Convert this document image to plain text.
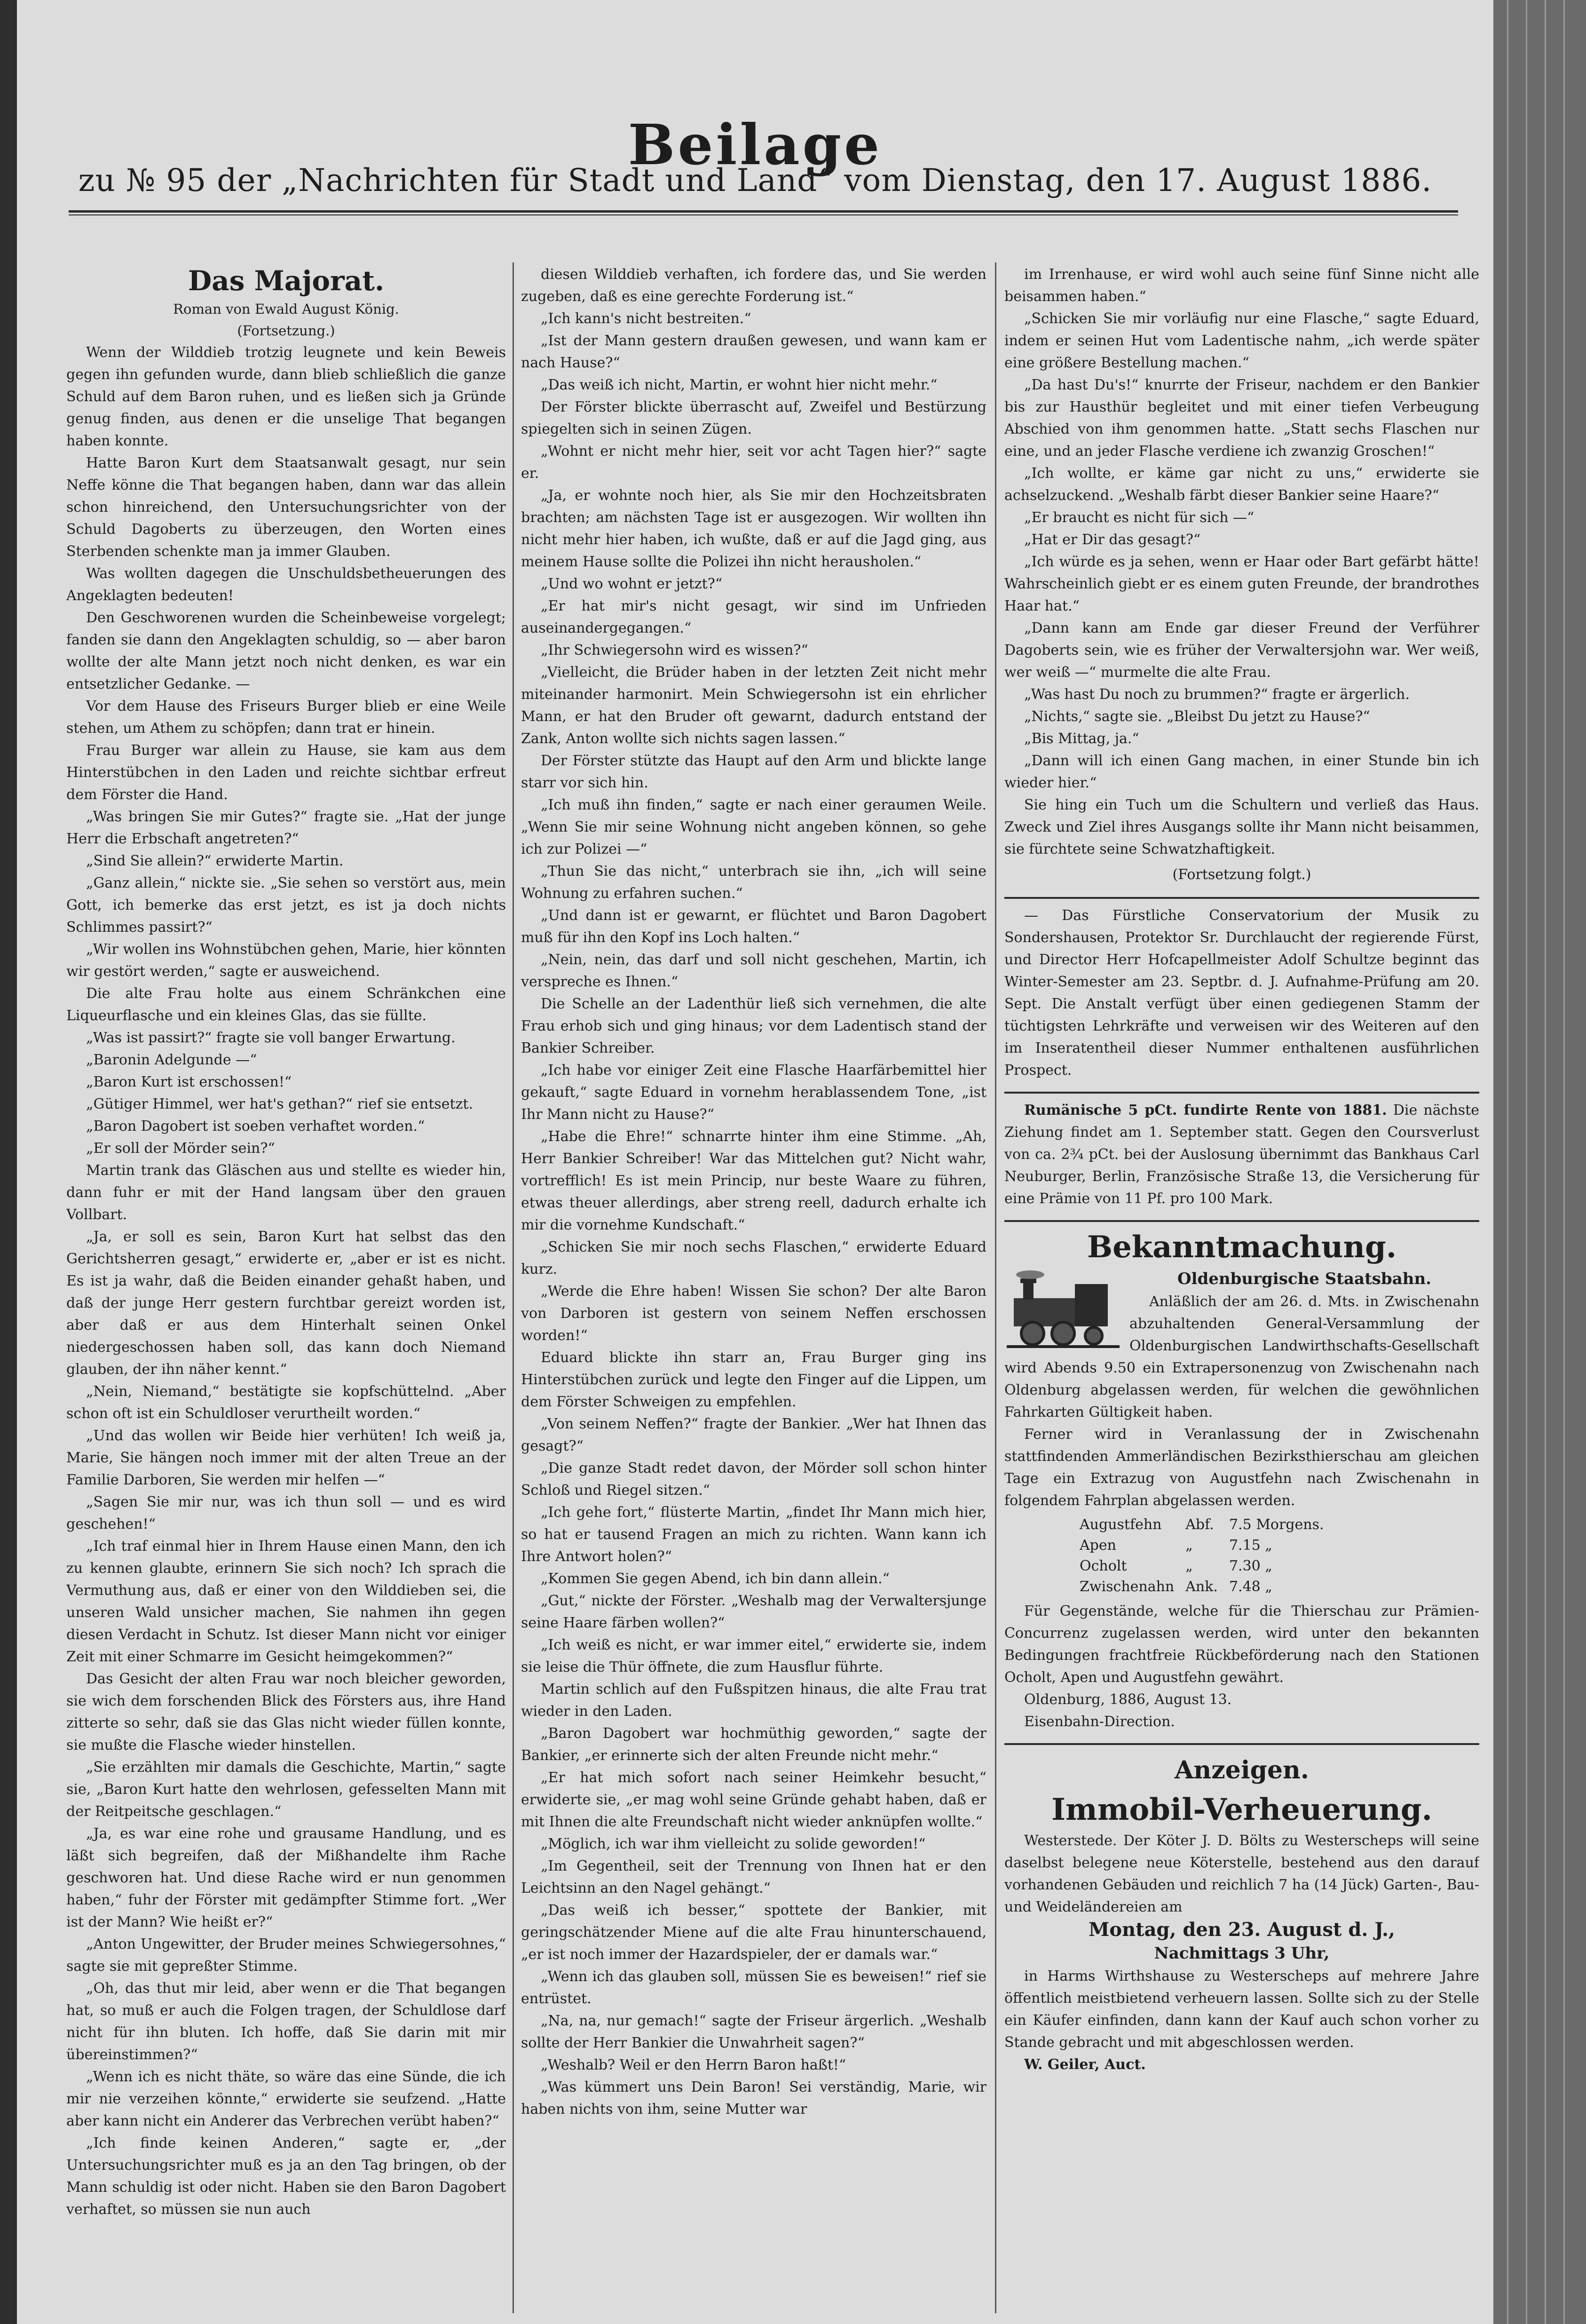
Beilage
zu № 95 der „Nachrichten für Stadt und Land“ vom Dienstag, den 17. August 1886.
Das Majorat.
Roman von Ewald August König.
(Fortsetzung.)

Wenn der Wilddieb trotzig leugnete und kein Beweis gegen ihn gefunden wurde, dann blieb schließlich die ganze Schuld auf dem Baron ruhen, und es ließen sich ja Gründe genug finden, aus denen er die unselige That begangen haben konnte.

Hatte Baron Kurt dem Staatsanwalt gesagt, nur sein Neffe könne die That begangen haben, dann war das allein schon hinreichend, den Untersuchungsrichter von der Schuld Dagoberts zu überzeugen, den Worten eines Sterbenden schenkte man ja immer Glauben.

Was wollten dagegen die Unschuldsbetheuerungen des Angeklagten bedeuten!

Den Geschworenen wurden die Scheinbeweise vorgelegt; fanden sie dann den Angeklagten schuldig, so — aber baron wollte der alte Mann jetzt noch nicht denken, es war ein entsetzlicher Gedanke. —

Vor dem Hause des Friseurs Burger blieb er eine Weile stehen, um Athem zu schöpfen; dann trat er hinein.

Frau Burger war allein zu Hause, sie kam aus dem Hinterstübchen in den Laden und reichte sichtbar erfreut dem Förster die Hand.

„Was bringen Sie mir Gutes?“ fragte sie. „Hat der junge Herr die Erbschaft angetreten?“

„Sind Sie allein?“ erwiderte Martin.

„Ganz allein,“ nickte sie. „Sie sehen so verstört aus, mein Gott, ich bemerke das erst jetzt, es ist ja doch nichts Schlimmes passirt?“

„Wir wollen ins Wohnstübchen gehen, Marie, hier könnten wir gestört werden,“ sagte er ausweichend.

Die alte Frau holte aus einem Schränkchen eine Liqueurflasche und ein kleines Glas, das sie füllte.

„Was ist passirt?“ fragte sie voll banger Erwartung.

„Baronin Adelgunde —“

„Baron Kurt ist erschossen!“

„Gütiger Himmel, wer hat's gethan?“ rief sie entsetzt.

„Baron Dagobert ist soeben verhaftet worden.“

„Er soll der Mörder sein?“

Martin trank das Gläschen aus und stellte es wieder hin, dann fuhr er mit der Hand langsam über den grauen Vollbart.

„Ja, er soll es sein, Baron Kurt hat selbst das den Gerichtsherren gesagt,“ erwiderte er, „aber er ist es nicht. Es ist ja wahr, daß die Beiden einander gehaßt haben, und daß der junge Herr gestern furchtbar gereizt worden ist, aber daß er aus dem Hinterhalt seinen Onkel niedergeschossen haben soll, das kann doch Niemand glauben, der ihn näher kennt.“

„Nein, Niemand,“ bestätigte sie kopfschüttelnd. „Aber schon oft ist ein Schuldloser verurtheilt worden.“

„Und das wollen wir Beide hier verhüten! Ich weiß ja, Marie, Sie hängen noch immer mit der alten Treue an der Familie Darboren, Sie werden mir helfen —“

„Sagen Sie mir nur, was ich thun soll — und es wird geschehen!“

„Ich traf einmal hier in Ihrem Hause einen Mann, den ich zu kennen glaubte, erinnern Sie sich noch? Ich sprach die Vermuthung aus, daß er einer von den Wilddieben sei, die unseren Wald unsicher machen, Sie nahmen ihn gegen diesen Verdacht in Schutz. Ist dieser Mann nicht vor einiger Zeit mit einer Schmarre im Gesicht heimgekommen?“

Das Gesicht der alten Frau war noch bleicher geworden, sie wich dem forschenden Blick des Försters aus, ihre Hand zitterte so sehr, daß sie das Glas nicht wieder füllen konnte, sie mußte die Flasche wieder hinstellen.

„Sie erzählten mir damals die Geschichte, Martin,“ sagte sie, „Baron Kurt hatte den wehrlosen, gefesselten Mann mit der Reitpeitsche geschlagen.“

„Ja, es war eine rohe und grausame Handlung, und es läßt sich begreifen, daß der Mißhandelte ihm Rache geschworen hat. Und diese Rache wird er nun genommen haben,“ fuhr der Förster mit gedämpfter Stimme fort. „Wer ist der Mann? Wie heißt er?“

„Anton Ungewitter, der Bruder meines Schwiegersohnes,“ sagte sie mit gepreßter Stimme.

„Oh, das thut mir leid, aber wenn er die That begangen hat, so muß er auch die Folgen tragen, der Schuldlose darf nicht für ihn bluten. Ich hoffe, daß Sie darin mit mir übereinstimmen?“

„Wenn ich es nicht thäte, so wäre das eine Sünde, die ich mir nie verzeihen könnte,“ erwiderte sie seufzend. „Hatte aber kann nicht ein Anderer das Verbrechen verübt haben?“

„Ich finde keinen Anderen,“ sagte er, „der Untersuchungsrichter muß es ja an den Tag bringen, ob der Mann schuldig ist oder nicht. Haben sie den Baron Dagobert verhaftet, so müssen sie nun auch

diesen Wilddieb verhaften, ich fordere das, und Sie werden zugeben, daß es eine gerechte Forderung ist.“

„Ich kann's nicht bestreiten.“

„Ist der Mann gestern draußen gewesen, und wann kam er nach Hause?“

„Das weiß ich nicht, Martin, er wohnt hier nicht mehr.“

Der Förster blickte überrascht auf, Zweifel und Bestürzung spiegelten sich in seinen Zügen.

„Wohnt er nicht mehr hier, seit vor acht Tagen hier?“ sagte er.

„Ja, er wohnte noch hier, als Sie mir den Hochzeitsbraten brachten; am nächsten Tage ist er ausgezogen. Wir wollten ihn nicht mehr hier haben, ich wußte, daß er auf die Jagd ging, aus meinem Hause sollte die Polizei ihn nicht herausholen.“

„Und wo wohnt er jetzt?“

„Er hat mir's nicht gesagt, wir sind im Unfrieden auseinandergegangen.“

„Ihr Schwiegersohn wird es wissen?“

„Vielleicht, die Brüder haben in der letzten Zeit nicht mehr miteinander harmonirt. Mein Schwiegersohn ist ein ehrlicher Mann, er hat den Bruder oft gewarnt, dadurch entstand der Zank, Anton wollte sich nichts sagen lassen.“

Der Förster stützte das Haupt auf den Arm und blickte lange starr vor sich hin.

„Ich muß ihn finden,“ sagte er nach einer geraumen Weile. „Wenn Sie mir seine Wohnung nicht angeben können, so gehe ich zur Polizei —“

„Thun Sie das nicht,“ unterbrach sie ihn, „ich will seine Wohnung zu erfahren suchen.“

„Und dann ist er gewarnt, er flüchtet und Baron Dagobert muß für ihn den Kopf ins Loch halten.“

„Nein, nein, das darf und soll nicht geschehen, Martin, ich verspreche es Ihnen.“

Die Schelle an der Ladenthür ließ sich vernehmen, die alte Frau erhob sich und ging hinaus; vor dem Ladentisch stand der Bankier Schreiber.

„Ich habe vor einiger Zeit eine Flasche Haarfärbemittel hier gekauft,“ sagte Eduard in vornehm herablassendem Tone, „ist Ihr Mann nicht zu Hause?“

„Habe die Ehre!“ schnarrte hinter ihm eine Stimme. „Ah, Herr Bankier Schreiber! War das Mittelchen gut? Nicht wahr, vortrefflich! Es ist mein Princip, nur beste Waare zu führen, etwas theuer allerdings, aber streng reell, dadurch erhalte ich mir die vornehme Kundschaft.“

„Schicken Sie mir noch sechs Flaschen,“ erwiderte Eduard kurz.

„Werde die Ehre haben! Wissen Sie schon? Der alte Baron von Darboren ist gestern von seinem Neffen erschossen worden!“

Eduard blickte ihn starr an, Frau Burger ging ins Hinterstübchen zurück und legte den Finger auf die Lippen, um dem Förster Schweigen zu empfehlen.

„Von seinem Neffen?“ fragte der Bankier. „Wer hat Ihnen das gesagt?“

„Die ganze Stadt redet davon, der Mörder soll schon hinter Schloß und Riegel sitzen.“

„Ich gehe fort,“ flüsterte Martin, „findet Ihr Mann mich hier, so hat er tausend Fragen an mich zu richten. Wann kann ich Ihre Antwort holen?“

„Kommen Sie gegen Abend, ich bin dann allein.“

„Gut,“ nickte der Förster. „Weshalb mag der Verwaltersjunge seine Haare färben wollen?“

„Ich weiß es nicht, er war immer eitel,“ erwiderte sie, indem sie leise die Thür öffnete, die zum Hausflur führte.

Martin schlich auf den Fußspitzen hinaus, die alte Frau trat wieder in den Laden.

„Baron Dagobert war hochmüthig geworden,“ sagte der Bankier, „er erinnerte sich der alten Freunde nicht mehr.“

„Er hat mich sofort nach seiner Heimkehr besucht,“ erwiderte sie, „er mag wohl seine Gründe gehabt haben, daß er mit Ihnen die alte Freundschaft nicht wieder anknüpfen wollte.“

„Möglich, ich war ihm vielleicht zu solide geworden!“

„Im Gegentheil, seit der Trennung von Ihnen hat er den Leichtsinn an den Nagel gehängt.“

„Das weiß ich besser,“ spottete der Bankier, mit geringschätzender Miene auf die alte Frau hinunterschauend, „er ist noch immer der Hazardspieler, der er damals war.“

„Wenn ich das glauben soll, müssen Sie es beweisen!“ rief sie entrüstet.

„Na, na, nur gemach!“ sagte der Friseur ärgerlich. „Weshalb sollte der Herr Bankier die Unwahrheit sagen?“

„Weshalb? Weil er den Herrn Baron haßt!“

„Was kümmert uns Dein Baron! Sei verständig, Marie, wir haben nichts von ihm, seine Mutter war

im Irrenhause, er wird wohl auch seine fünf Sinne nicht alle beisammen haben.“

„Schicken Sie mir vorläufig nur eine Flasche,“ sagte Eduard, indem er seinen Hut vom Ladentische nahm, „ich werde später eine größere Bestellung machen.“

„Da hast Du's!“ knurrte der Friseur, nachdem er den Bankier bis zur Hausthür begleitet und mit einer tiefen Verbeugung Abschied von ihm genommen hatte. „Statt sechs Flaschen nur eine, und an jeder Flasche verdiene ich zwanzig Groschen!“

„Ich wollte, er käme gar nicht zu uns,“ erwiderte sie achselzuckend. „Weshalb färbt dieser Bankier seine Haare?“

„Er braucht es nicht für sich —“

„Hat er Dir das gesagt?“

„Ich würde es ja sehen, wenn er Haar oder Bart gefärbt hätte! Wahrscheinlich giebt er es einem guten Freunde, der brandrothes Haar hat.“

„Dann kann am Ende gar dieser Freund der Verführer Dagoberts sein, wie es früher der Verwaltersjohn war. Wer weiß, wer weiß —“ murmelte die alte Frau.

„Was hast Du noch zu brummen?“ fragte er ärgerlich.

„Nichts,“ sagte sie. „Bleibst Du jetzt zu Hause?“

„Bis Mittag, ja.“

„Dann will ich einen Gang machen, in einer Stunde bin ich wieder hier.“

Sie hing ein Tuch um die Schultern und verließ das Haus. Zweck und Ziel ihres Ausgangs sollte ihr Mann nicht beisammen, sie fürchtete seine Schwatzhaftigkeit.

(Fortsetzung folgt.)

— Das Fürstliche Conservatorium der Musik zu Sondershausen, Protektor Sr. Durchlaucht der regierende Fürst, und Director Herr Hofcapellmeister Adolf Schultze beginnt das Winter-Semester am 23. Septbr. d. J. Aufnahme-Prüfung am 20. Sept. Die Anstalt verfügt über einen gediegenen Stamm der tüchtigsten Lehrkräfte und verweisen wir des Weiteren auf den im Inseratentheil dieser Nummer enthaltenen ausführlichen Prospect.

Rumänische 5 pCt. fundirte Rente von 1881. Die nächste Ziehung findet am 1. September statt. Gegen den Coursverlust von ca. 2¾ pCt. bei der Auslosung übernimmt das Bankhaus Carl Neuburger, Berlin, Französische Straße 13, die Versicherung für eine Prämie von 11 Pf. pro 100 Mark.

Bekanntmachung.
Oldenburgische Staatsbahn.

Anläßlich der am 26. d. Mts. in Zwischenahn abzuhaltenden General-Versammlung der Oldenburgischen Landwirthschafts-Gesellschaft wird Abends 9.50 ein Extrapersonenzug von Zwischenahn nach Oldenburg abgelassen werden, für welchen die gewöhnlichen Fahrkarten Gültigkeit haben.

Ferner wird in Veranlassung der in Zwischenahn stattfindenden Ammerländischen Bezirksthierschau am gleichen Tage ein Extrazug von Augustfehn nach Zwischenahn in folgendem Fahrplan abgelassen werden.

Augustfehn	Abf.	7.5 Morgens.
Apen	„	7.15 „
Ocholt	„	7.30 „
Zwischenahn	Ank.	7.48 „

Für Gegenstände, welche für die Thierschau zur Prämien-Concurrenz zugelassen werden, wird unter den bekannten Bedingungen frachtfreie Rückbeförderung nach den Stationen Ocholt, Apen und Augustfehn gewährt.

Oldenburg, 1886, August 13.

Eisenbahn-Direction.

Anzeigen.
Immobil-Verheuerung.

Westerstede. Der Köter J. D. Bölts zu Westerscheps will seine daselbst belegene neue Köterstelle, bestehend aus den darauf vorhandenen Gebäuden und reichlich 7 ha (14 Jück) Garten-, Bau- und Weideländereien am

Montag, den 23. August d. J.,
Nachmittags 3 Uhr,

in Harms Wirthshause zu Westerscheps auf mehrere Jahre öffentlich meistbietend verheuern lassen. Sollte sich zu der Stelle ein Käufer einfinden, dann kann der Kauf auch schon vorher zu Stande gebracht und mit abgeschlossen werden.

W. Geiler, Auct.
